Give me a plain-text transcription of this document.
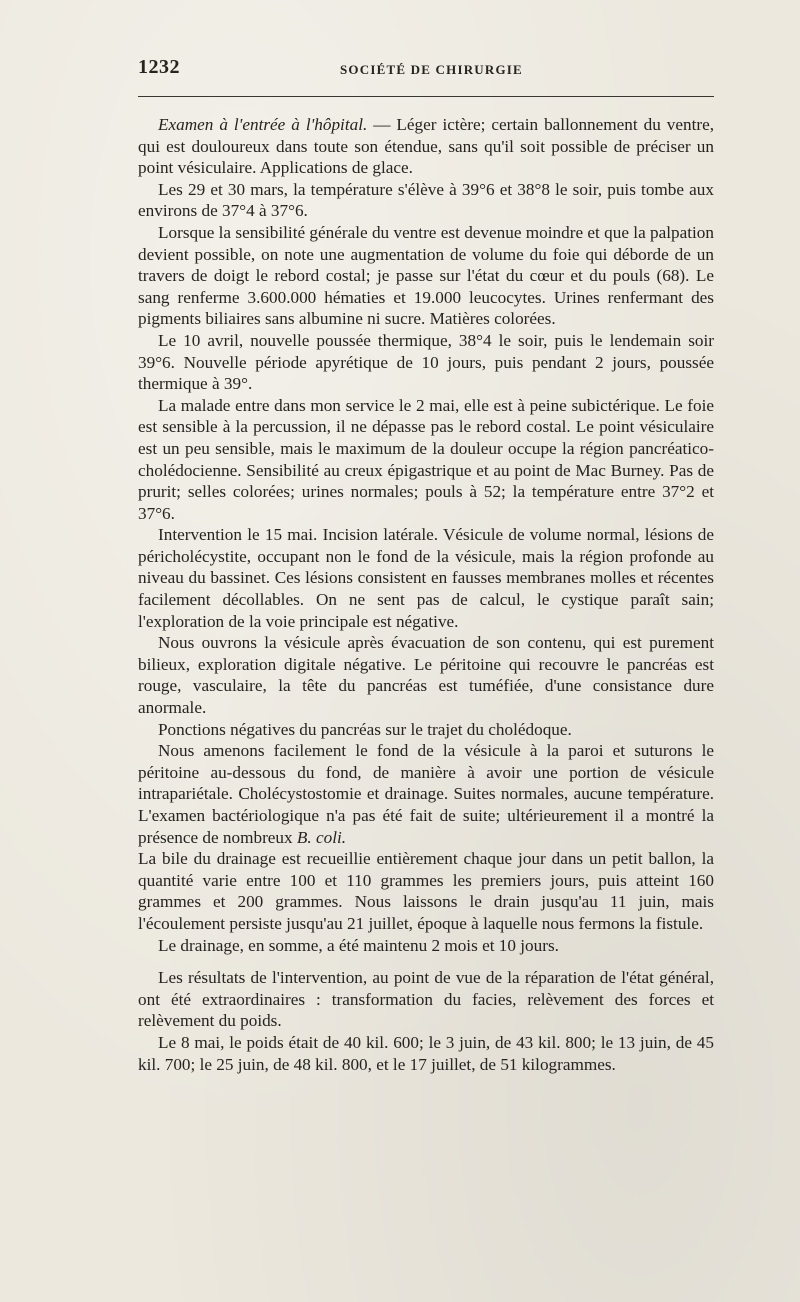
1232	SOCIÉTÉ DE CHIRURGIE

Examen à l'entrée à l'hôpital. — Léger ictère; certain ballonnement du ventre, qui est douloureux dans toute son étendue, sans qu'il soit possible de préciser un point vésiculaire. Applications de glace.

Les 29 et 30 mars, la température s'élève à 39°6 et 38°8 le soir, puis tombe aux environs de 37°4 à 37°6.

Lorsque la sensibilité générale du ventre est devenue moindre et que la palpation devient possible, on note une augmentation de volume du foie qui déborde de un travers de doigt le rebord costal; je passe sur l'état du cœur et du pouls (68). Le sang renferme 3.600.000 hématies et 19.000 leucocytes. Urines renfermant des pigments biliaires sans albumine ni sucre. Matières colorées.

Le 10 avril, nouvelle poussée thermique, 38°4 le soir, puis le lendemain soir 39°6. Nouvelle période apyrétique de 10 jours, puis pendant 2 jours, poussée thermique à 39°.

La malade entre dans mon service le 2 mai, elle est à peine subictérique. Le foie est sensible à la percussion, il ne dépasse pas le rebord costal. Le point vésiculaire est un peu sensible, mais le maximum de la douleur occupe la région pancréatico-cholédocienne. Sensibilité au creux épigastrique et au point de Mac Burney. Pas de prurit; selles colorées; urines normales; pouls à 52; la température entre 37°2 et 37°6.

Intervention le 15 mai. Incision latérale. Vésicule de volume normal, lésions de péricholécystite, occupant non le fond de la vésicule, mais la région profonde au niveau du bassinet. Ces lésions consistent en fausses membranes molles et récentes facilement décollables. On ne sent pas de calcul, le cystique paraît sain; l'exploration de la voie principale est négative.

Nous ouvrons la vésicule après évacuation de son contenu, qui est purement bilieux, exploration digitale négative. Le péritoine qui recouvre le pancréas est rouge, vasculaire, la tête du pancréas est tuméfiée, d'une consistance dure anormale.

Ponctions négatives du pancréas sur le trajet du cholédoque.

Nous amenons facilement le fond de la vésicule à la paroi et suturons le péritoine au-dessous du fond, de manière à avoir une portion de vésicule intrapariétale. Cholécystostomie et drainage. Suites normales, aucune température. L'examen bactériologique n'a pas été fait de suite; ultérieurement il a montré la présence de nombreux B. coli.

La bile du drainage est recueillie entièrement chaque jour dans un petit ballon, la quantité varie entre 100 et 110 grammes les premiers jours, puis atteint 160 grammes et 200 grammes. Nous laissons le drain jusqu'au 11 juin, mais l'écoulement persiste jusqu'au 21 juillet, époque à laquelle nous fermons la fistule.

Le drainage, en somme, a été maintenu 2 mois et 10 jours.

Les résultats de l'intervention, au point de vue de la réparation de l'état général, ont été extraordinaires : transformation du facies, relèvement des forces et relèvement du poids.

Le 8 mai, le poids était de 40 kil. 600; le 3 juin, de 43 kil. 800; le 13 juin, de 45 kil. 700; le 25 juin, de 48 kil. 800, et le 17 juillet, de 51 kilogrammes.
